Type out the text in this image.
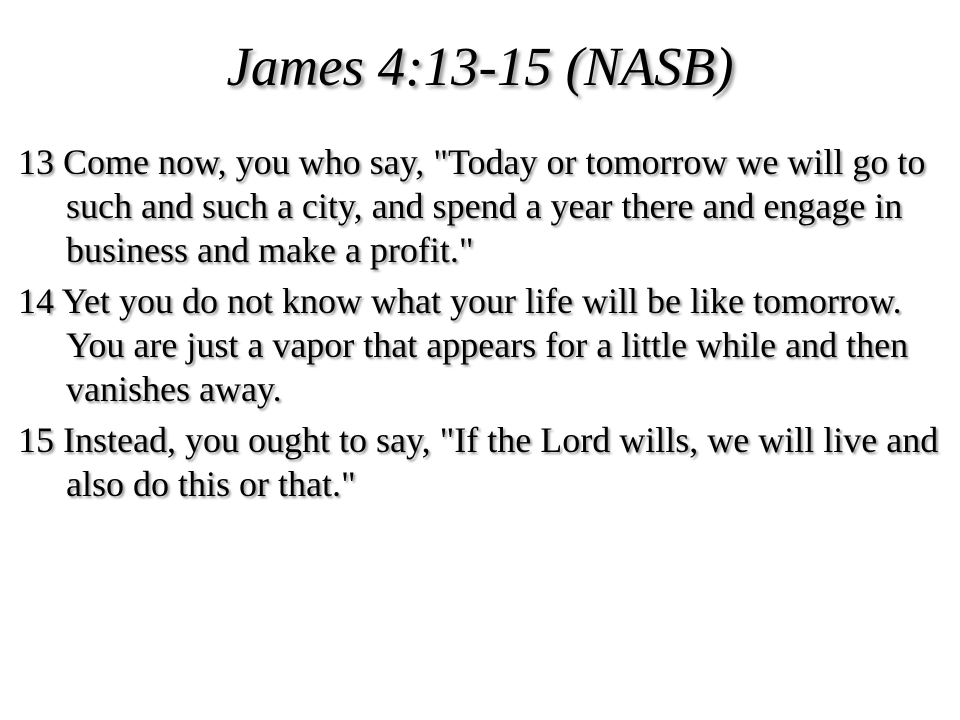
James 4:13-15 (NASB)
13 Come now, you who say, "Today or tomorrow we will go to such and such a city, and spend a year there and engage in business and make a profit."
14 Yet you do not know what your life will be like tomorrow. You are just a vapor that appears for a little while and then vanishes away.
15 Instead, you ought to say, "If the Lord wills, we will live and also do this or that."
